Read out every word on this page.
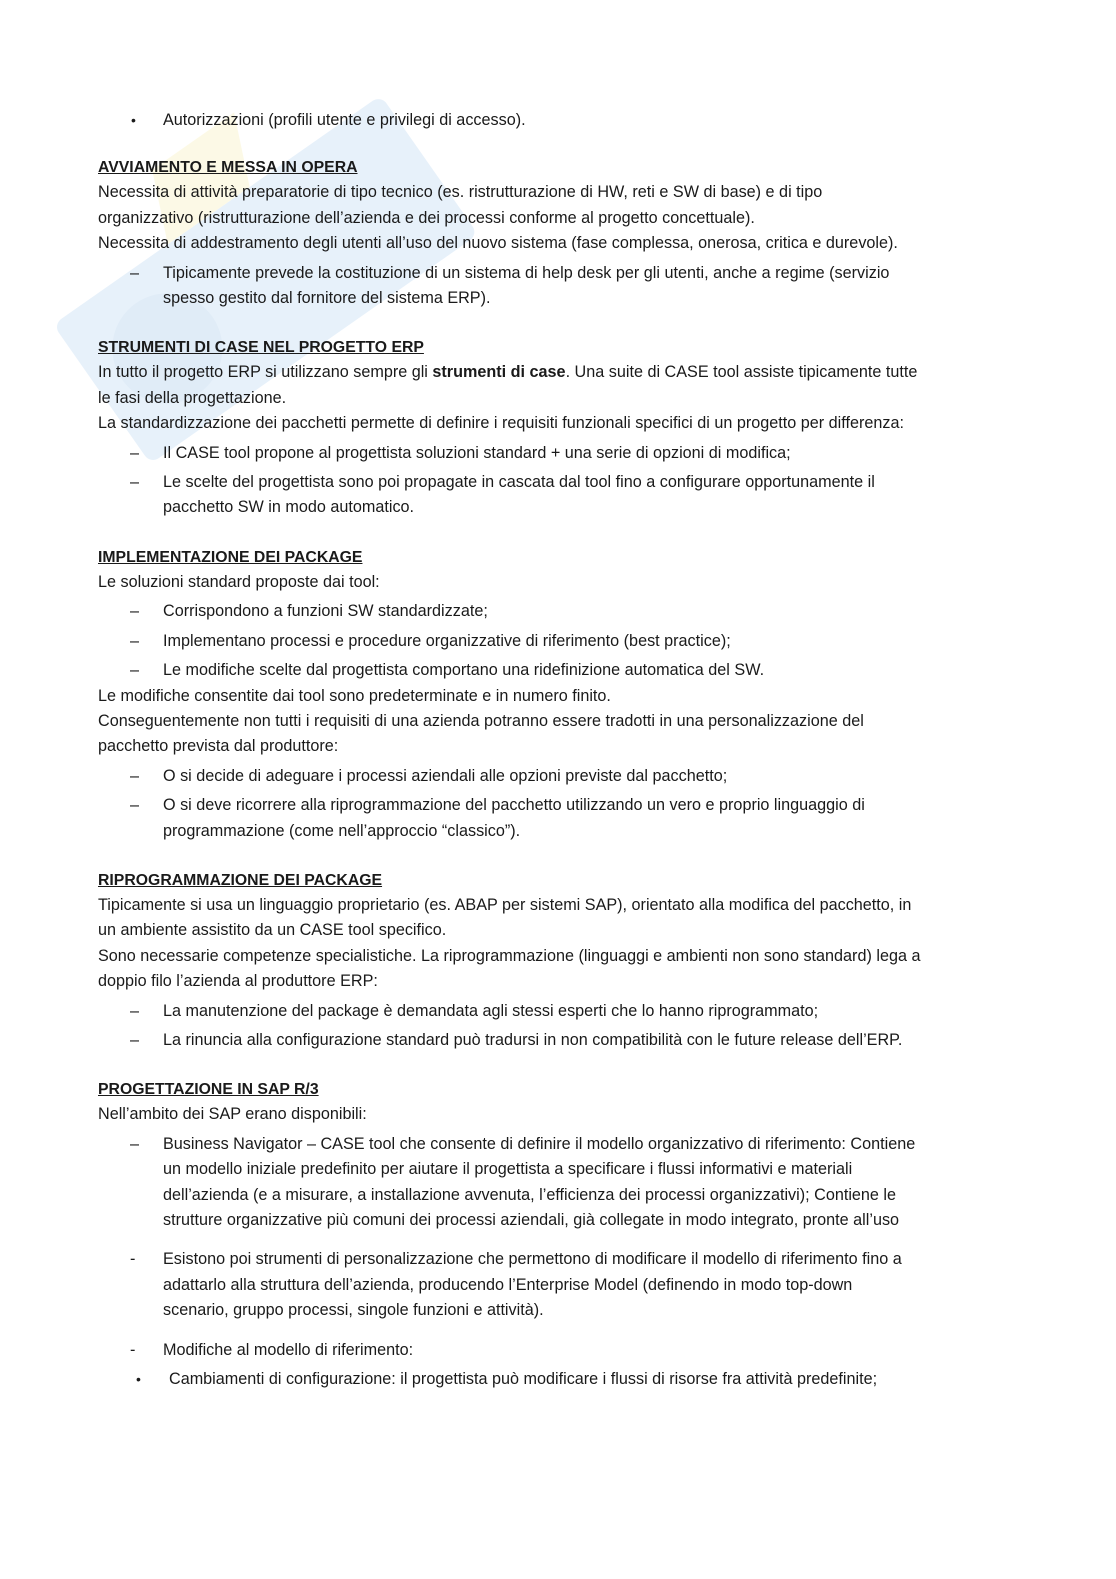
• Autorizzazioni (profili utente e privilegi di accesso).
AVVIAMENTO E MESSA IN OPERA

Necessita di attività preparatorie di tipo tecnico (es. ristrutturazione di HW, reti e SW di base) e di tipo

organizzativo (ristrutturazione dell’azienda e dei processi conforme al progetto concettuale).

Necessita di addestramento degli utenti all’uso del nuovo sistema (fase complessa, onerosa, critica e durevole).

– Tipicamente prevede la costituzione di un sistema di help desk per gli utenti, anche a regime (servizio
spesso gestito dal fornitore del sistema ERP).
STRUMENTI DI CASE NEL PROGETTO ERP

In tutto il progetto ERP si utilizzano sempre gli strumenti di case. Una suite di CASE tool assiste tipicamente tutte

le fasi della progettazione.

La standardizzazione dei pacchetti permette di definire i requisiti funzionali specifici di un progetto per differenza:

– Il CASE tool propone al progettista soluzioni standard + una serie di opzioni di modifica;
– Le scelte del progettista sono poi propagate in cascata dal tool fino a configurare opportunamente il
pacchetto SW in modo automatico.
IMPLEMENTAZIONE DEI PACKAGE

Le soluzioni standard proposte dai tool:

– Corrispondono a funzioni SW standardizzate;
– Implementano processi e procedure organizzative di riferimento (best practice);
– Le modifiche scelte dal progettista comportano una ridefinizione automatica del SW.

Le modifiche consentite dai tool sono predeterminate e in numero finito.

Conseguentemente non tutti i requisiti di una azienda potranno essere tradotti in una personalizzazione del

pacchetto prevista dal produttore:

– O si decide di adeguare i processi aziendali alle opzioni previste dal pacchetto;
– O si deve ricorrere alla riprogrammazione del pacchetto utilizzando un vero e proprio linguaggio di
programmazione (come nell’approccio “classico”).
RIPROGRAMMAZIONE DEI PACKAGE

Tipicamente si usa un linguaggio proprietario (es. ABAP per sistemi SAP), orientato alla modifica del pacchetto, in

un ambiente assistito da un CASE tool specifico.

Sono necessarie competenze specialistiche. La riprogrammazione (linguaggi e ambienti non sono standard) lega a

doppio filo l’azienda al produttore ERP:

– La manutenzione del package è demandata agli stessi esperti che lo hanno riprogrammato;
– La rinuncia alla configurazione standard può tradursi in non compatibilità con le future release dell’ERP.
PROGETTAZIONE IN SAP R/3

Nell’ambito dei SAP erano disponibili:

– Business Navigator – CASE tool che consente di definire il modello organizzativo di riferimento: Contiene
un modello iniziale predefinito per aiutare il progettista a specificare i flussi informativi e materiali
dell’azienda (e a misurare, a installazione avvenuta, l’efficienza dei processi organizzativi); Contiene le
strutture organizzative più comuni dei processi aziendali, già collegate in modo integrato, pronte all’uso
- Esistono poi strumenti di personalizzazione che permettono di modificare il modello di riferimento fino a
adattarlo alla struttura dell’azienda, producendo l’Enterprise Model (definendo in modo top-down
scenario, gruppo processi, singole funzioni e attività).
- Modifiche al modello di riferimento:
• Cambiamenti di configurazione: il progettista può modificare i flussi di risorse fra attività predefinite;
